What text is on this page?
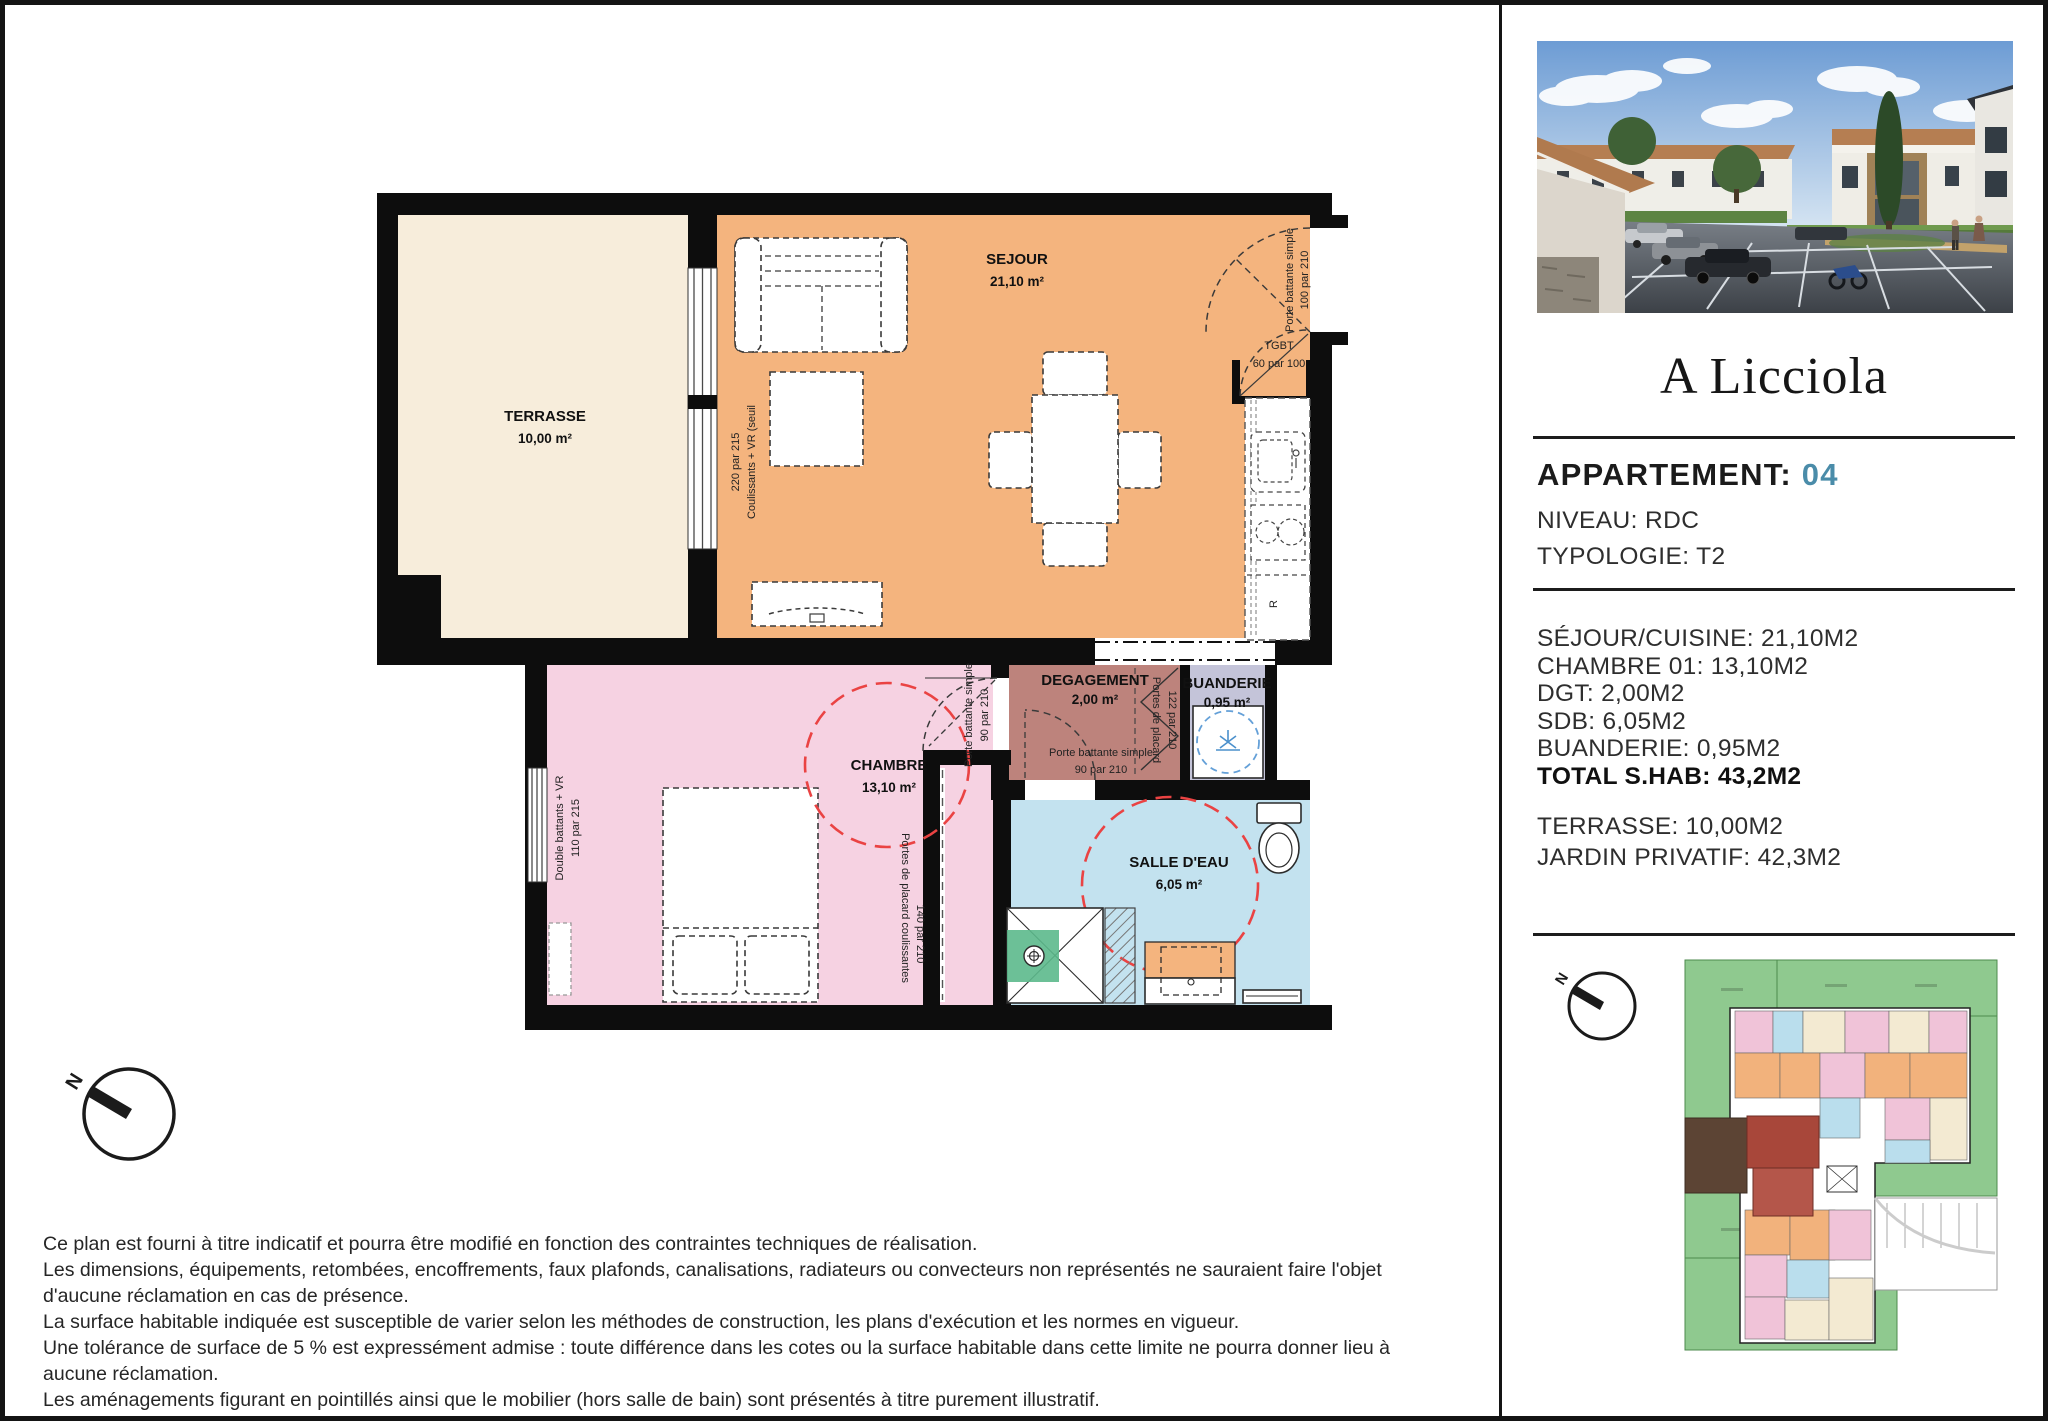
R
TERRASSE
10,00 m²
SEJOUR
21,10 m²
CHAMBRE
13,10 m²
DEGAGEMENT
2,00 m²
BUANDERIE
0,95 m²
SALLE D'EAU
6,05 m²
220 par 215 Coulissants + VR (seuil
Porte battante simple 100 par 210
TGBT
60 par 100
Porte battante simple 90 par 210
Porte battante simple
90 par 210
Portes de placard 122 par 210
Double battants + VR 110 par 215
Portes de placard coulissantes 140 par 210
N
Ce plan est fourni à titre indicatif et pourra être modifié en fonction des contraintes techniques de réalisation.
Les dimensions, équipements, retombées, encoffrements, faux plafonds, canalisations, radiateurs ou convecteurs non représentés ne sauraient faire l'objet
d'aucune réclamation en cas de présence.
La surface habitable indiquée est susceptible de varier selon les méthodes de construction, les plans d'exécution et les normes en vigueur.
Une tolérance de surface de 5 % est expressément admise : toute différence dans les cotes ou la surface habitable dans cette limite ne pourra donner lieu à
aucune réclamation.
Les aménagements figurant en pointillés ainsi que le mobilier (hors salle de bain) sont présentés à titre purement illustratif.
A Licciola
APPARTEMENT: 04
NIVEAU: RDC
TYPOLOGIE: T2
SÉJOUR/CUISINE: 21,10M2
CHAMBRE 01: 13,10M2
DGT: 2,00M2
SDB: 6,05M2
BUANDERIE: 0,95M2
TOTAL S.HAB: 43,2M2
TERRASSE: 10,00M2
JARDIN PRIVATIF: 42,3M2
N
